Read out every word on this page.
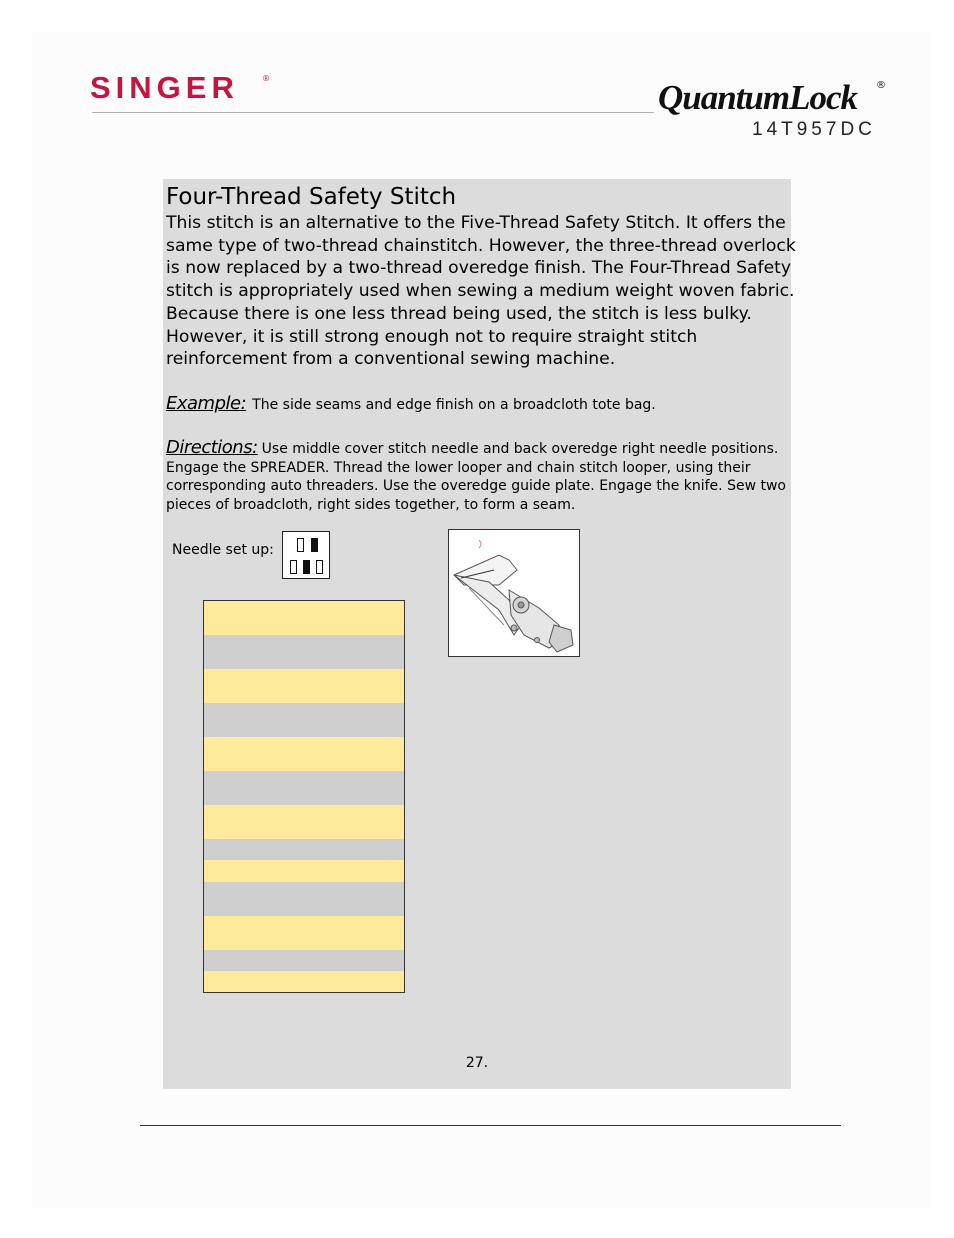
SINGER	®	QuantumLock ®
14T957DC
Four-Thread Safety Stitch
This stitch is an alternative to the Five-Thread Safety Stitch. It offers the
same type of two-thread chainstitch. However, the three-thread overlock
is now replaced by a two-thread overedge finish. The Four-Thread Safety
stitch is appropriately used when sewing a medium weight woven fabric.
Because there is one less thread being used, the stitch is less bulky.
However, it is still strong enough not to require straight stitch
reinforcement from a conventional sewing machine.
Example: The side seams and edge finish on a broadcloth tote bag.
Directions: Use middle cover stitch needle and back overedge right needle positions.
Engage the SPREADER. Thread the lower looper and chain stitch looper, using their
corresponding auto threaders. Use the overedge guide plate. Engage the knife. Sew two
pieces of broadcloth, right sides together, to form a seam.
Needle set up:
27.
